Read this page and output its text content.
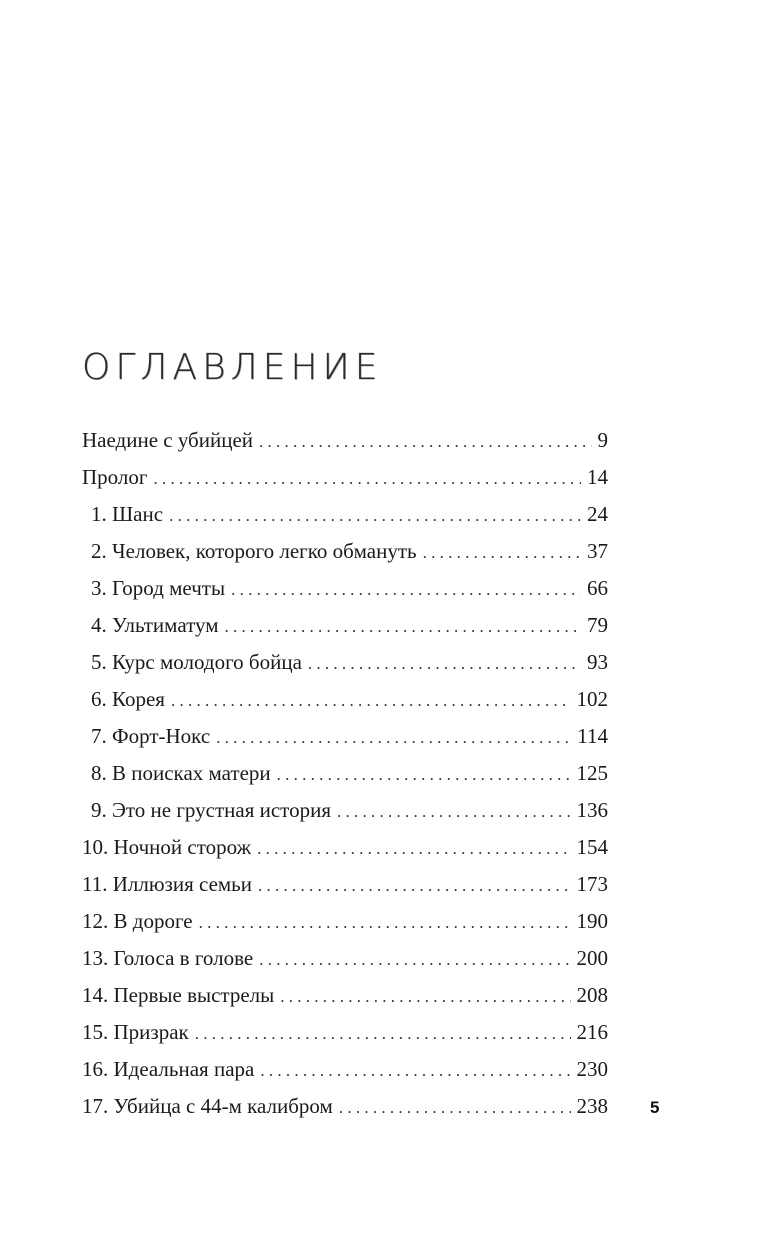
ОГЛАВЛЕНИЕ
Наедине с убийцей . . .	9
Пролог . . .	14
1. Шанс . . .	24
2. Человек, которого легко обмануть . . .	37
3. Город мечты . . .	66
4. Ультиматум . . .	79
5. Курс молодого бойца . . .	93
6. Корея . . .	102
7. Форт-Нокс . . .	114
8. В поисках матери . . .	125
9. Это не грустная история . . .	136
10. Ночной сторож . . .	154
11. Иллюзия семьи . . .	173
12. В дороге . . .	190
13. Голоса в голове . . .	200
14. Первые выстрелы . . .	208
15. Призрак . . .	216
16. Идеальная пара . . .	230
17. Убийца с 44-м калибром . . .	238 5
